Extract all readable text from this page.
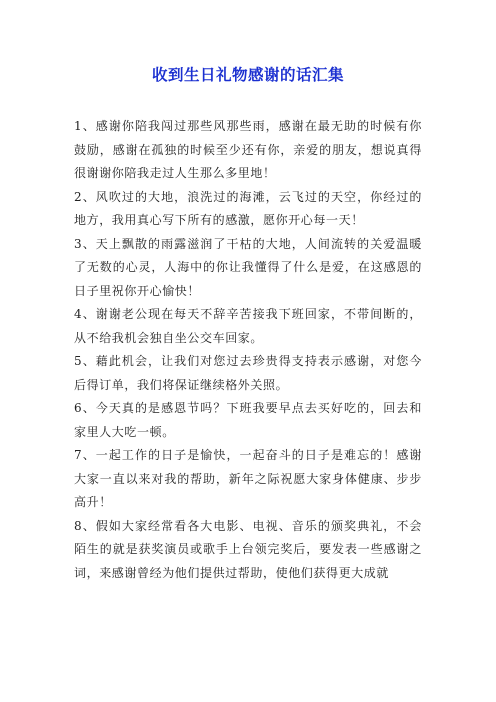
收到生日礼物感谢的话汇集

1、感谢你陪我闯过那些风那些雨，感谢在最无助的时候有你鼓励，感谢在孤独的时候至少还有你，亲爱的朋友，想说真得很谢谢你陪我走过人生那么多里地！

2、风吹过的大地，浪洗过的海滩，云飞过的天空，你经过的地方，我用真心写下所有的感激，愿你开心每一天！

3、天上飘散的雨露滋润了干枯的大地，人间流转的关爱温暖了无数的心灵，人海中的你让我懂得了什么是爱，在这感恩的日子里祝你开心愉快！

4、谢谢老公现在每天不辞辛苦接我下班回家，不带间断的，从不给我机会独自坐公交车回家。

5、藉此机会，让我们对您过去珍贵得支持表示感谢，对您今后得订单，我们将保证继续格外关照。

6、今天真的是感恩节吗？下班我要早点去买好吃的，回去和家里人大吃一顿。

7、一起工作的日子是愉快，一起奋斗的日子是难忘的！感谢大家一直以来对我的帮助，新年之际祝愿大家身体健康、步步高升！

8、假如大家经常看各大电影、电视、音乐的颁奖典礼，不会陌生的就是获奖演员或歌手上台领完奖后，要发表一些感谢之词，来感谢曾经为他们提供过帮助，使他们获得更大成就
